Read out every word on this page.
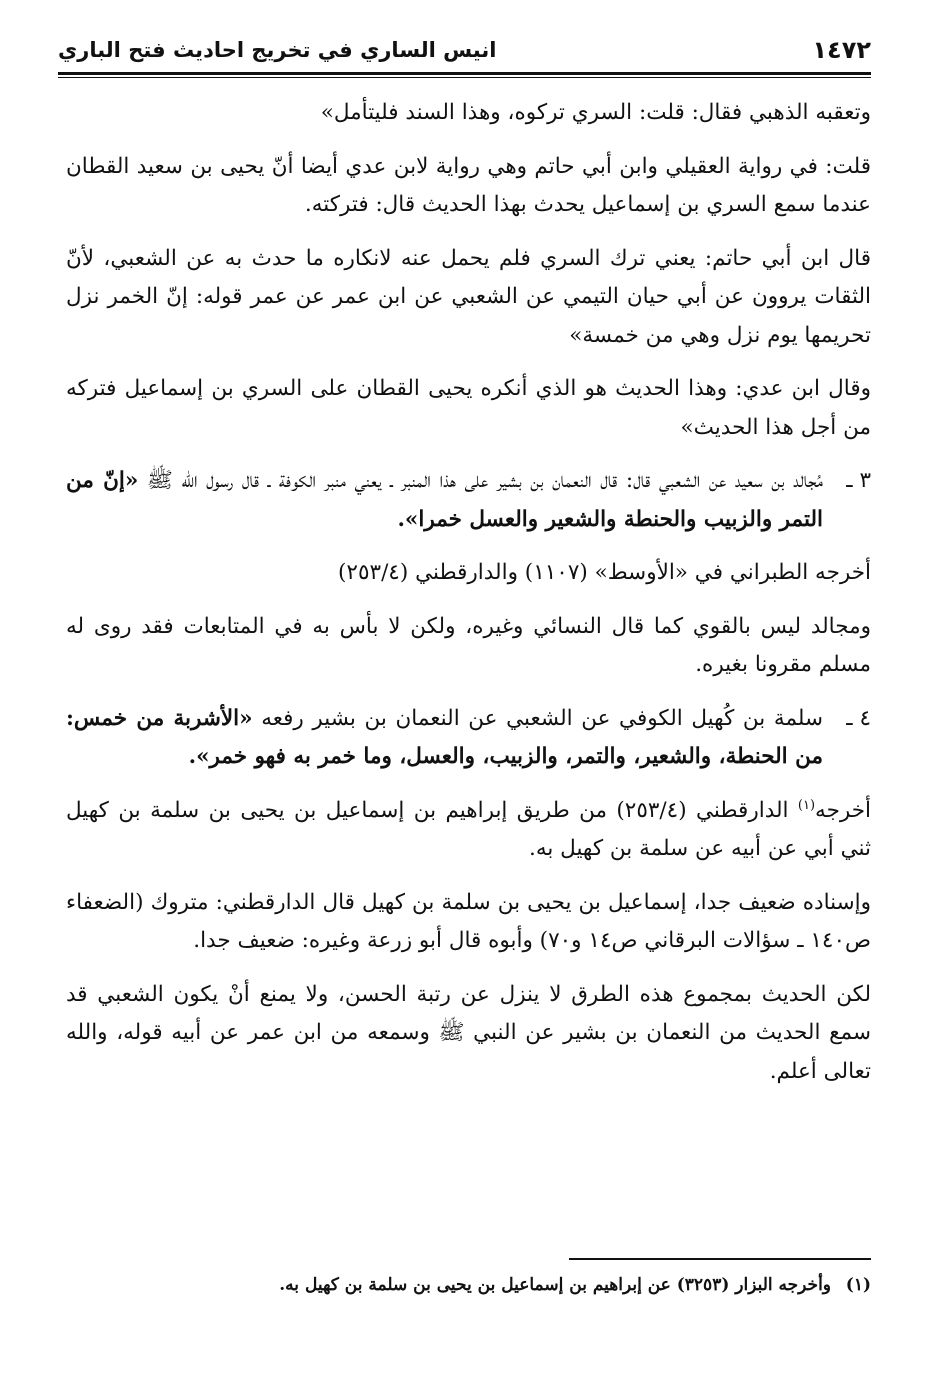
١٤٧٢
انيس الساري في تخريج احاديث فتح الباري

وتعقبه الذهبي فقال: قلت: السري تركوه، وهذا السند فليتأمل»

قلت: في رواية العقيلي وابن أبي حاتم وهي رواية لابن عدي أيضا أنّ يحيى بن سعيد القطان عندما سمع السري بن إسماعيل يحدث بهذا الحديث قال: فتركته.

قال ابن أبي حاتم: يعني ترك السري فلم يحمل عنه لانكاره ما حدث به عن الشعبي، لأنّ الثقات يروون عن أبي حيان التيمي عن الشعبي عن ابن عمر عن عمر قوله: إنّ الخمر نزل تحريمها يوم نزل وهي من خمسة»

وقال ابن عدي: وهذا الحديث هو الذي أنكره يحيى القطان على السري بن إسماعيل فتركه من أجل هذا الحديث»

٣ ـ
مُجالد بن سعيد عن الشعبي قال: قال النعمان بن بشير على هذا المنبر ـ يعني منبر الكوفة ـ قال رسول الله ﷺ «إنّ من التمر والزبيب والحنطة والشعير والعسل خمرا».

أخرجه الطبراني في «الأوسط» (١١٠٧) والدارقطني (٢٥٣/٤)

ومجالد ليس بالقوي كما قال النسائي وغيره، ولكن لا بأس به في المتابعات فقد روى له مسلم مقرونا بغيره.

٤ ـ
سلمة بن كُهيل الكوفي عن الشعبي عن النعمان بن بشير رفعه «الأشربة من خمس: من الحنطة، والشعير، والتمر، والزبيب، والعسل، وما خمر به فهو خمر».

أخرجه$^{(١)}$ الدارقطني (٢٥٣/٤) من طريق إبراهيم بن إسماعيل بن يحيى بن سلمة بن كهيل ثني أبي عن أبيه عن سلمة بن كهيل به.

وإسناده ضعيف جدا، إسماعيل بن يحيى بن سلمة بن كهيل قال الدارقطني: متروك (الضعفاء ص١٤٠ ـ سؤالات البرقاني ص١٤ و٧٠) وأبوه قال أبو زرعة وغيره: ضعيف جدا.

لكن الحديث بمجموع هذه الطرق لا ينزل عن رتبة الحسن، ولا يمنع أنْ يكون الشعبي قد سمع الحديث من النعمان بن بشير عن النبي ﷺ وسمعه من ابن عمر عن أبيه قوله، والله تعالى أعلم.

(١)
وأخرجه البزار (٣٢٥٣) عن إبراهيم بن إسماعيل بن يحيى بن سلمة بن كهيل به.
